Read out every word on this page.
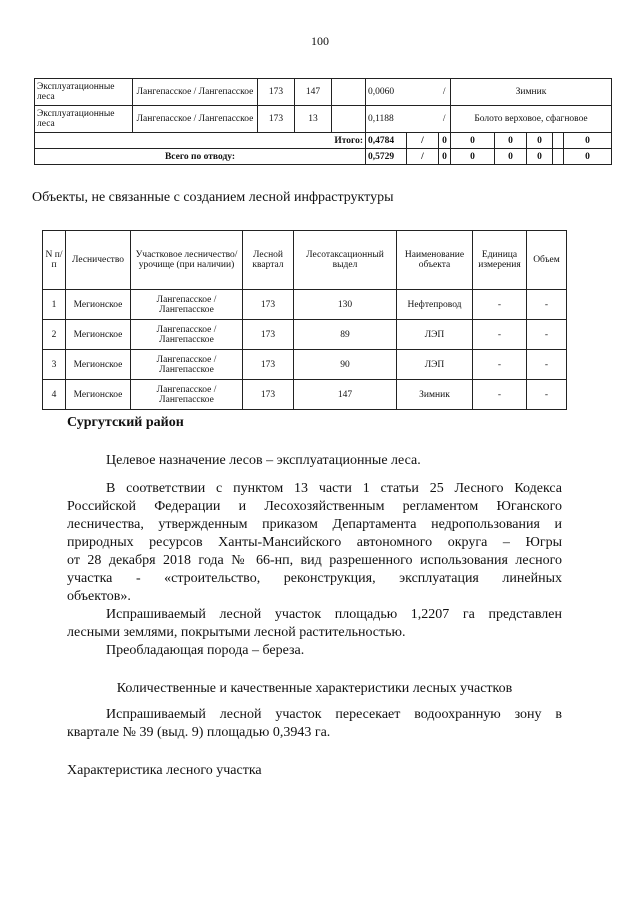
100
Эксплуатационные леса	Лангепасское / Лангепасское	173	147		0,0060		/	Зимник				
Эксплуатационные леса	Лангепасское / Лангепасское	173	13		0,1188		/	Болото верховое, сфагновое				
Итого:					0,4784	/	0	0	0	0		0
Всего по отводу:					0,5729	/	0	0	0	0		0
Объекты, не связанные с созданием лесной инфраструктуры
N п/п	Лесничество	Участковое лесничество/урочище (при наличии)	Лесной квартал	Лесотаксационный выдел	Наименование объекта	Единица измерения	Объем
1	Мегионское	Лангепасское / Лангепасское	173	130	Нефтепровод	-	-
2	Мегионское	Лангепасское / Лангепасское	173	89	ЛЭП	-	-
3	Мегионское	Лангепасское / Лангепасское	173	90	ЛЭП	-	-
4	Мегионское	Лангепасское / Лангепасское	173	147	Зимник	-	-
Сургутский район
Целевое назначение лесов – эксплуатационные леса.
В соответствии с пунктом 13 части 1 статьи 25 Лесного Кодекса
Российской Федерации и Лесохозяйственным регламентом Юганского
лесничества, утвержденным приказом Департамента недропользования и
природных ресурсов Ханты-Мансийского автономного округа – Югры
от 28 декабря 2018 года № 66-нп, вид разрешенного использования лесного
участка - «строительство, реконструкция, эксплуатация линейных
объектов».
Испрашиваемый лесной участок площадью 1,2207 га представлен
лесными землями, покрытыми лесной растительностью.
Преобладающая порода – береза.
Количественные и качественные характеристики лесных участков
Испрашиваемый лесной участок пересекает водоохранную зону в
квартале № 39 (выд. 9) площадью 0,3943 га.
Характеристика лесного участка
